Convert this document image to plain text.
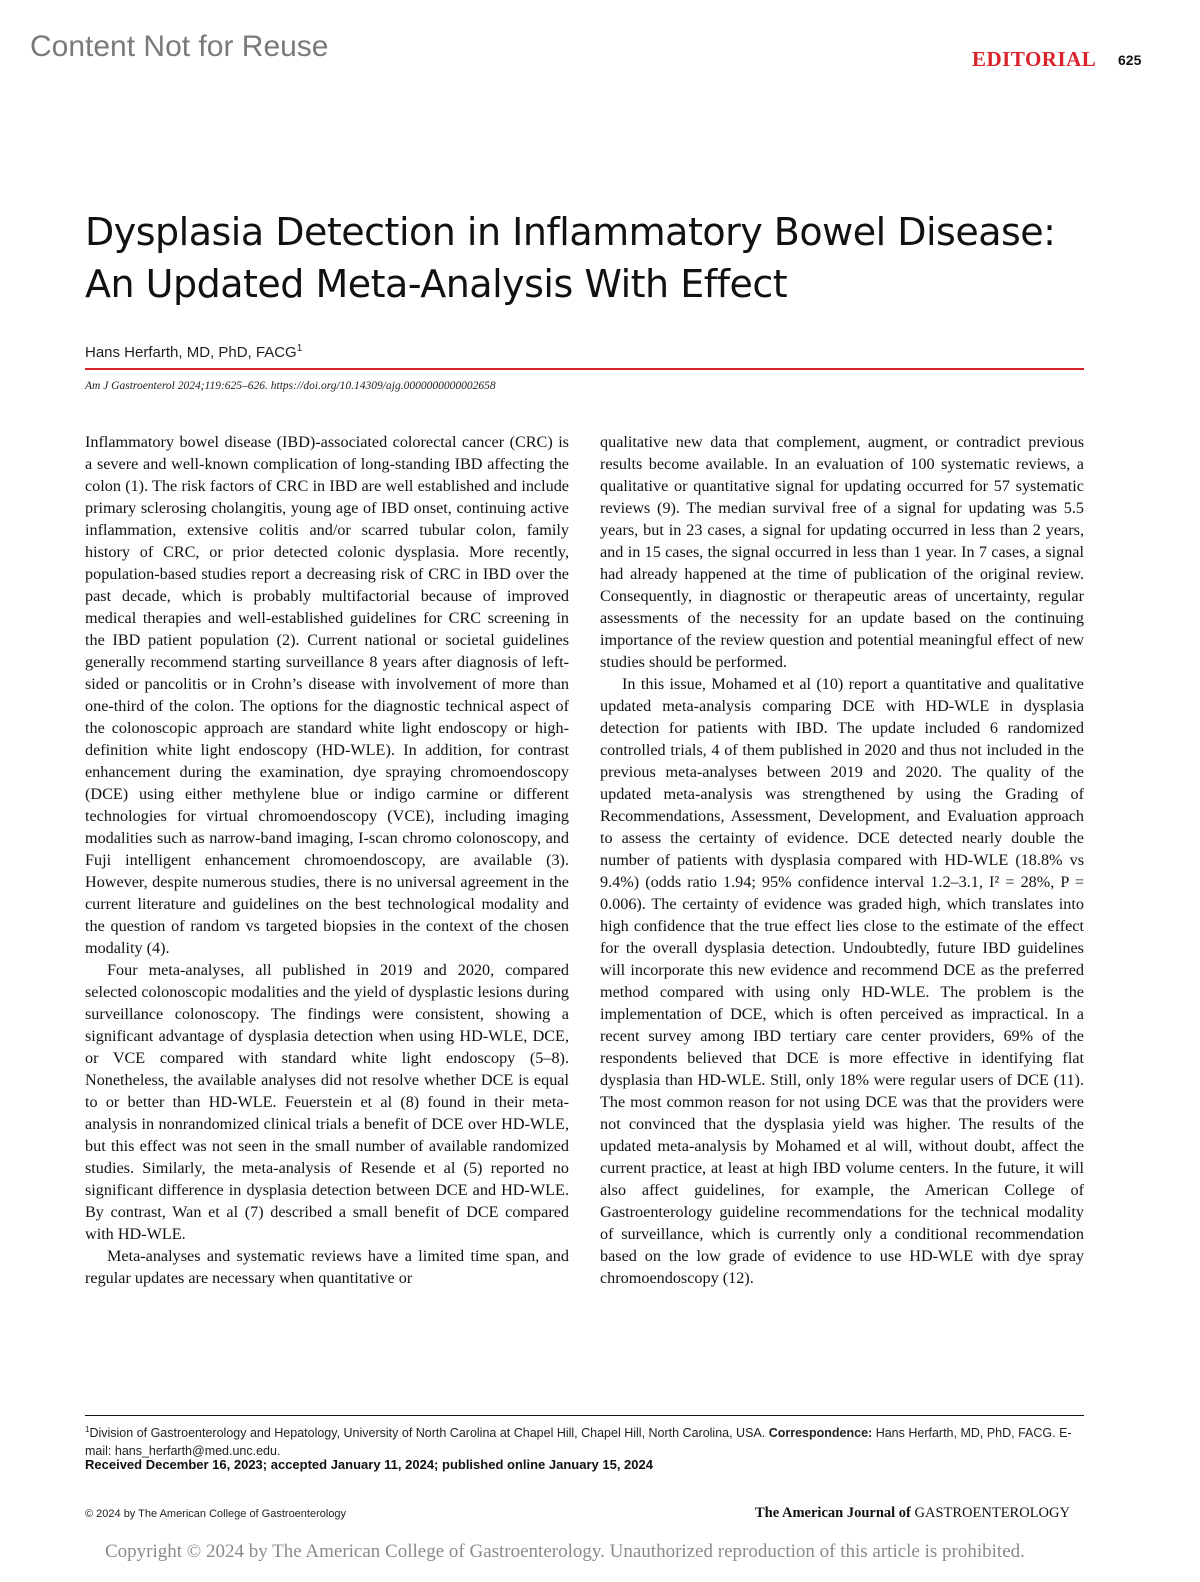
Content Not for Reuse	EDITORIAL 625
Dysplasia Detection in Inflammatory Bowel Disease:
An Updated Meta-Analysis With Effect
Hans Herfarth, MD, PhD, FACG$^1$
Am J Gastroenterol 2024;119:625–626. https://doi.org/10.14309/ajg.0000000000002658

Inflammatory bowel disease (IBD)-associated colorectal cancer (CRC) is a severe and well-known complication of long-standing IBD affecting the colon (1). The risk factors of CRC in IBD are well established and include primary sclerosing cholangitis, young age of IBD onset, continuing active inflammation, extensive colitis and/or scarred tubular colon, family history of CRC, or prior detected colonic dysplasia. More recently, population-based studies report a decreasing risk of CRC in IBD over the past decade, which is probably multifactorial because of improved medical therapies and well-established guidelines for CRC screening in the IBD patient population (2). Current national or societal guidelines generally recommend starting surveillance 8 years after diagnosis of left-sided or pancolitis or in Crohn’s disease with involvement of more than one-third of the colon. The options for the diagnostic technical aspect of the colonoscopic approach are standard white light endoscopy or high-definition white light endoscopy (HD-WLE). In addition, for contrast enhancement during the examination, dye spraying chromoendoscopy (DCE) using either methylene blue or indigo carmine or different technologies for virtual chromoendoscopy (VCE), including imaging modalities such as narrow-band imaging, I-scan chromo colonoscopy, and Fuji intelligent enhancement chromoendoscopy, are available (3). However, despite numerous studies, there is no universal agreement in the current literature and guidelines on the best technological modality and the question of random vs targeted biopsies in the context of the chosen modality (4).

Four meta-analyses, all published in 2019 and 2020, compared selected colonoscopic modalities and the yield of dysplastic lesions during surveillance colonoscopy. The findings were consistent, showing a significant advantage of dysplasia detection when using HD-WLE, DCE, or VCE compared with standard white light endoscopy (5–8). Nonetheless, the available analyses did not resolve whether DCE is equal to or better than HD-WLE. Feuerstein et al (8) found in their meta-analysis in nonrandomized clinical trials a benefit of DCE over HD-WLE, but this effect was not seen in the small number of available randomized studies. Similarly, the meta-analysis of Resende et al (5) reported no significant difference in dysplasia detection between DCE and HD-WLE. By contrast, Wan et al (7) described a small benefit of DCE compared with HD-WLE.

Meta-analyses and systematic reviews have a limited time span, and regular updates are necessary when quantitative or

qualitative new data that complement, augment, or contradict previous results become available. In an evaluation of 100 systematic reviews, a qualitative or quantitative signal for updating occurred for 57 systematic reviews (9). The median survival free of a signal for updating was 5.5 years, but in 23 cases, a signal for updating occurred in less than 2 years, and in 15 cases, the signal occurred in less than 1 year. In 7 cases, a signal had already happened at the time of publication of the original review. Consequently, in diagnostic or therapeutic areas of uncertainty, regular assessments of the necessity for an update based on the continuing importance of the review question and potential meaningful effect of new studies should be performed.

In this issue, Mohamed et al (10) report a quantitative and qualitative updated meta-analysis comparing DCE with HD-WLE in dysplasia detection for patients with IBD. The update included 6 randomized controlled trials, 4 of them published in 2020 and thus not included in the previous meta-analyses between 2019 and 2020. The quality of the updated meta-analysis was strengthened by using the Grading of Recommendations, Assessment, Development, and Evaluation approach to assess the certainty of evidence. DCE detected nearly double the number of patients with dysplasia compared with HD-WLE (18.8% vs 9.4%) (odds ratio 1.94; 95% confidence interval 1.2–3.1, I² = 28%, P = 0.006). The certainty of evidence was graded high, which translates into high confidence that the true effect lies close to the estimate of the effect for the overall dysplasia detection. Undoubtedly, future IBD guidelines will incorporate this new evidence and recommend DCE as the preferred method compared with using only HD-WLE. The problem is the implementation of DCE, which is often perceived as impractical. In a recent survey among IBD tertiary care center providers, 69% of the respondents believed that DCE is more effective in identifying flat dysplasia than HD-WLE. Still, only 18% were regular users of DCE (11). The most common reason for not using DCE was that the providers were not convinced that the dysplasia yield was higher. The results of the updated meta-analysis by Mohamed et al will, without doubt, affect the current practice, at least at high IBD volume centers. In the future, it will also affect guidelines, for example, the American College of Gastroenterology guideline recommendations for the technical modality of surveillance, which is currently only a conditional recommendation based on the low grade of evidence to use HD-WLE with dye spray chromoendoscopy (12).

$^1$Division of Gastroenterology and Hepatology, University of North Carolina at Chapel Hill, Chapel Hill, North Carolina, USA. Correspondence: Hans Herfarth, MD, PhD, FACG. E-mail: hans_herfarth@med.unc.edu.
Received December 16, 2023; accepted January 11, 2024; published online January 15, 2024
© 2024 by The American College of Gastroenterology	The American Journal of GASTROENTEROLOGY
Copyright © 2024 by The American College of Gastroenterology. Unauthorized reproduction of this article is prohibited.
